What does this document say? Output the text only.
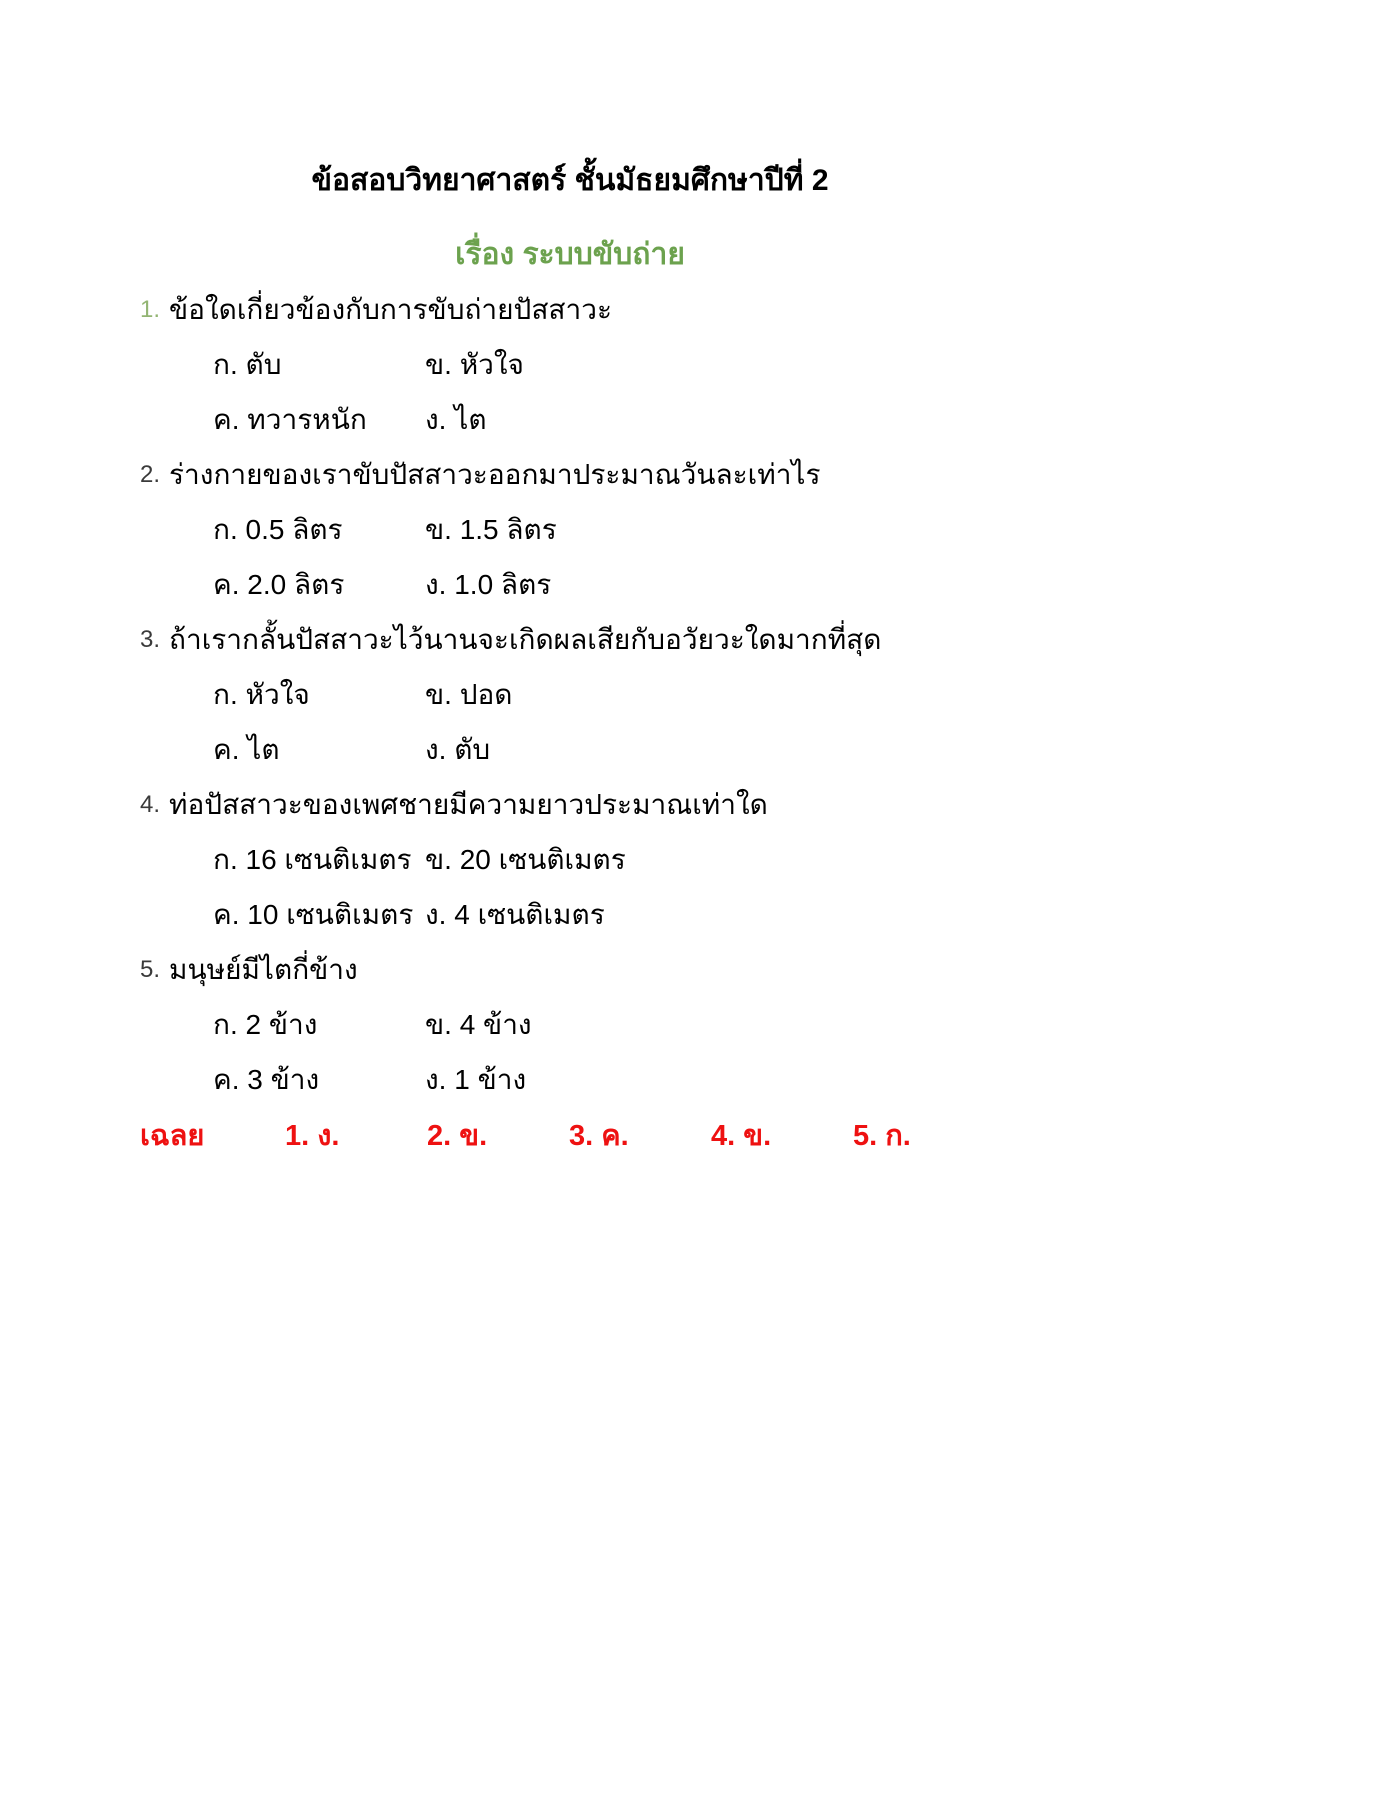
ข้อสอบวิทยาศาสตร์ ชั้นมัธยมศึกษาปีที่ 2
เรื่อง ระบบขับถ่าย
1. ข้อใดเกี่ยวข้องกับการขับถ่ายปัสสาวะ
ก. ตับ	ข. หัวใจ
ค. ทวารหนัก	ง. ไต
2. ร่างกายของเราขับปัสสาวะออกมาประมาณวันละเท่าไร
ก. 0.5 ลิตร	ข. 1.5 ลิตร
ค. 2.0 ลิตร	ง. 1.0 ลิตร
3. ถ้าเรากลั้นปัสสาวะไว้นานจะเกิดผลเสียกับอวัยวะใดมากที่สุด
ก. หัวใจ	ข. ปอด
ค. ไต	ง. ตับ
4. ท่อปัสสาวะของเพศชายมีความยาวประมาณเท่าใด
ก. 16 เซนติเมตร ข. 20 เซนติเมตร
ค. 10 เซนติเมตร ง. 4 เซนติเมตร
5. มนุษย์มีไตกี่ข้าง
ก. 2 ข้าง	ข. 4 ข้าง
ค. 3 ข้าง	ง. 1 ข้าง
เฉลย	1. ง.	2. ข.	3. ค.	4. ข.	5. ก.
